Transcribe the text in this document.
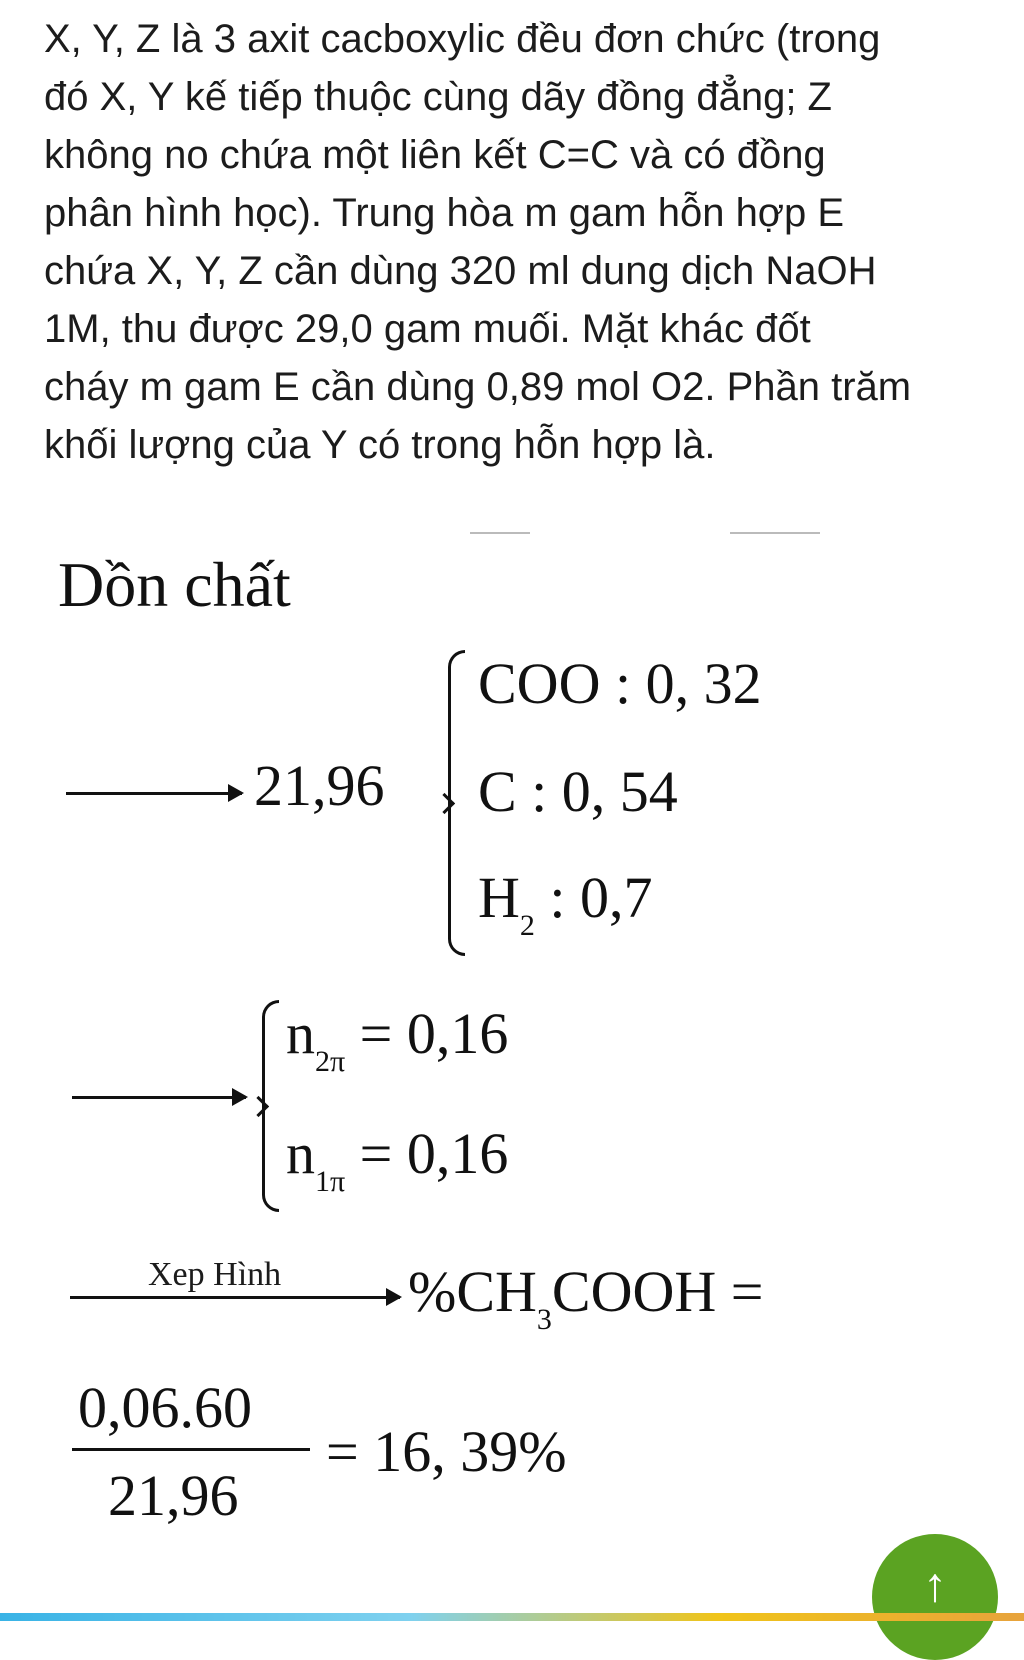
X, Y, Z là 3 axit cacboxylic đều đơn chức (trong
đó X, Y kế tiếp thuộc cùng dãy đồng đẳng; Z
không no chứa một liên kết C=C và có đồng
phân hình học). Trung hòa m gam hỗn hợp E
chứa X, Y, Z cần dùng 320 ml dung dịch NaOH
1M, thu được 29,0 gam muối. Mặt khác đốt
cháy m gam E cần dùng 0,89 mol O2. Phần trăm
khối lượng của Y có trong hỗn hợp là.
Dồn chất
21,96
COO : 0, 32
C : 0, 54
$H_2$ : 0,7
$n_{2\pi} = 0,16$
$n_{1\pi} = 0,16$
Xep Hình $\%CH_3COOH$ =
0,06.60
21,96
= 16, 39%
↑
